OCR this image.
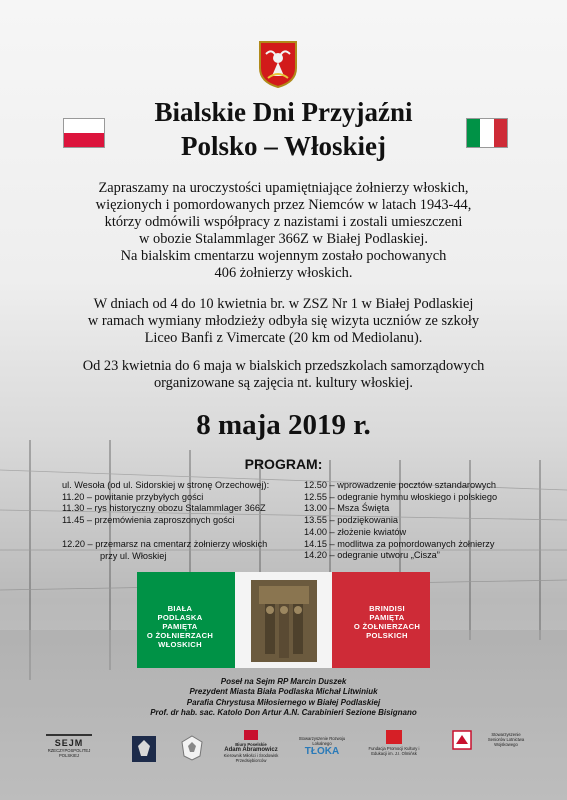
Bialskie Dni Przyjaźni
Polsko – Włoskiej
Zapraszamy na uroczystości upamiętniające żołnierzy włoskich,
więzionych i pomordowanych przez Niemców w latach 1943-44,
którzy odmówili współpracy z nazistami i zostali umieszczeni
w obozie Stalammlager 366Z w Białej Podlaskiej.
Na bialskim cmentarzu wojennym zostało pochowanych
406 żołnierzy włoskich.
W dniach od 4 do 10 kwietnia br. w ZSZ Nr 1 w Białej Podlaskiej
w ramach wymiany młodzieży odbyła się wizyta uczniów ze szkoły
Liceo Banfi z Vimercate (20 km od Mediolanu).
Od 23 kwietnia do 6 maja w bialskich przedszkolach samorządowych
organizowane są zajęcia nt. kultury włoskiej.
8 maja 2019 r.
PROGRAM:
ul. Wesoła (od ul. Sidorskiej w stronę Orzechowej):
11.20 – powitanie przybyłych gości
11.30 – rys historyczny obozu Stalammlager 366Z
11.45 – przemówienia zaproszonych gości
12.20 – przemarsz na cmentarz żołnierzy włoskich
przy ul. Włoskiej
12.50 – wprowadzenie pocztów sztandarowych
12.55 – odegranie hymnu włoskiego i polskiego
13.00 – Msza Święta
13.55 – podziękowania
14.00 – złożenie kwiatów
14.15 – modlitwa za pomordowanych żołnierzy
14.20 – odegranie utworu „Cisza”
BIAŁA PODLASKA
PAMIĘTA
O ŻOŁNIERZACH
WŁOSKICH
BRINDISI
PAMIĘTA
O ŻOŁNIERZACH
POLSKICH
Poseł na Sejm RP Marcin Duszek
Prezydent Miasta Biała Podlaska Michał Litwiniuk
Parafia Chrystusa Miłosiernego w Białej Podlaskiej
Prof. dr hab. sac. Katolo Don Artur A.N. Carabinieri Sezione Bisignano
SEJM
RZECZYPOSPOLITEJ POLSKIEJ
Biuro Poselskie
Adam Abramowicz
Kierownik Miłości i Środowisk Przedsiębiorców
Stowarzyszenie Rozwoju Lokalnego
TŁOKA	Fundacja Promocji Kultury i Edukacji im. J.I. Olmińsk
Stowarzyszenie Seniorów Lotnictwa Wojskowego
